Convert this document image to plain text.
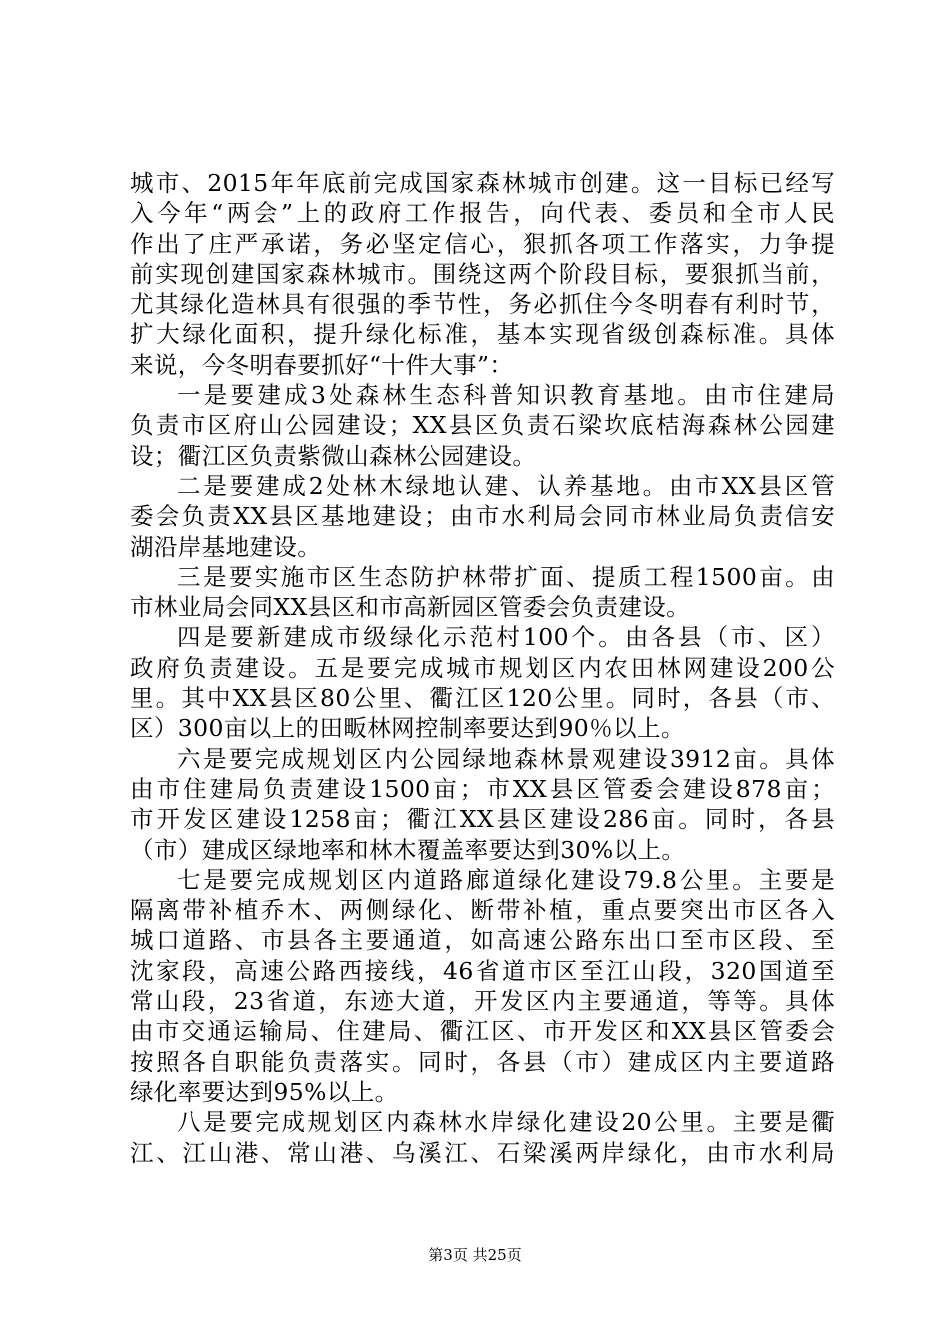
城市、2015年年底前完成国家森林城市创建。这一目标已经写

入今年“两会”上的政府工作报告，向代表、委员和全市人民

作出了庄严承诺，务必坚定信心，狠抓各项工作落实，力争提

前实现创建国家森林城市。围绕这两个阶段目标，要狠抓当前，

尤其绿化造林具有很强的季节性，务必抓住今冬明春有利时节，

扩大绿化面积，提升绿化标准，基本实现省级创森标准。具体

来说，今冬明春要抓好“十件大事”：

一是要建成3处森林生态科普知识教育基地。由市住建局

负责市区府山公园建设；XX县区负责石梁坎底桔海森林公园建

设；衢江区负责紫微山森林公园建设。

二是要建成2处林木绿地认建、认养基地。由市XX县区管

委会负责XX县区基地建设；由市水利局会同市林业局负责信安

湖沿岸基地建设。

三是要实施市区生态防护林带扩面、提质工程1500亩。由

市林业局会同XX县区和市高新园区管委会负责建设。

四是要新建成市级绿化示范村100个。由各县（市、区）

政府负责建设。五是要完成城市规划区内农田林网建设200公

里。其中XX县区80公里、衢江区120公里。同时，各县（市、

区）300亩以上的田畈林网控制率要达到90％以上。

六是要完成规划区内公园绿地森林景观建设3912亩。具体

由市住建局负责建设1500亩；市XX县区管委会建设878亩；

市开发区建设1258亩；衢江XX县区建设286亩。同时，各县

（市）建成区绿地率和林木覆盖率要达到30%以上。

七是要完成规划区内道路廊道绿化建设79.8公里。主要是

隔离带补植乔木、两侧绿化、断带补植，重点要突出市区各入

城口道路、市县各主要通道，如高速公路东出口至市区段、至

沈家段，高速公路西接线，46省道市区至江山段，320国道至

常山段，23省道，东迹大道，开发区内主要通道，等等。具体

由市交通运输局、住建局、衢江区、市开发区和XX县区管委会

按照各自职能负责落实。同时，各县（市）建成区内主要道路

绿化率要达到95%以上。

八是要完成规划区内森林水岸绿化建设20公里。主要是衢

江、江山港、常山港、乌溪江、石梁溪两岸绿化，由市水利局

第3页 共25页
